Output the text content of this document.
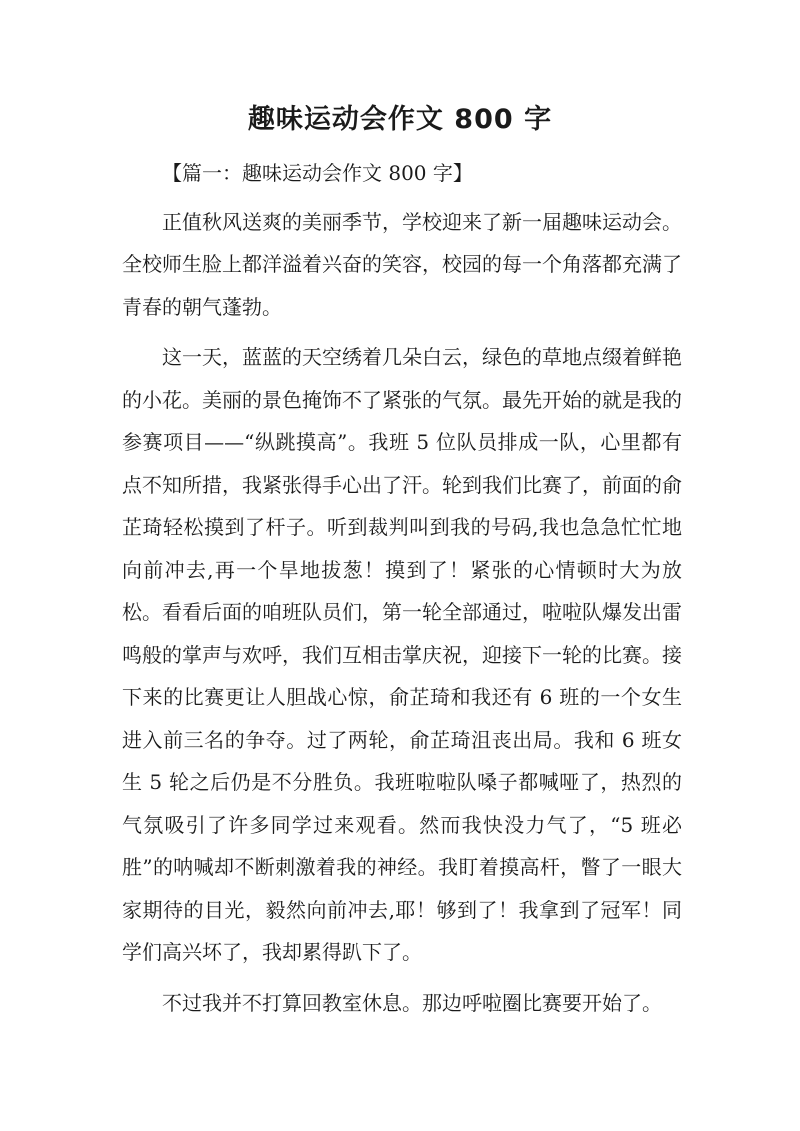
趣味运动会作文 800 字

【篇一：趣味运动会作文 800 字】

正值秋风送爽的美丽季节，学校迎来了新一届趣味运动会。全校师生脸上都洋溢着兴奋的笑容，校园的每一个角落都充满了青春的朝气蓬勃。

这一天，蓝蓝的天空绣着几朵白云，绿色的草地点缀着鲜艳的小花。美丽的景色掩饰不了紧张的气氛。最先开始的就是我的参赛项目——“纵跳摸高”。我班 5 位队员排成一队，心里都有点不知所措，我紧张得手心出了汗。轮到我们比赛了，前面的俞芷琦轻松摸到了杆子。听到裁判叫到我的号码,我也急急忙忙地向前冲去,再一个旱地拔葱！摸到了！紧张的心情顿时大为放松。看看后面的咱班队员们，第一轮全部通过，啦啦队爆发出雷鸣般的掌声与欢呼，我们互相击掌庆祝，迎接下一轮的比赛。接下来的比赛更让人胆战心惊，俞芷琦和我还有 6 班的一个女生进入前三名的争夺。过了两轮，俞芷琦沮丧出局。我和 6 班女生 5 轮之后仍是不分胜负。我班啦啦队嗓子都喊哑了，热烈的气氛吸引了许多同学过来观看。然而我快没力气了，“5 班必胜”的呐喊却不断刺激着我的神经。我盯着摸高杆，瞥了一眼大家期待的目光，毅然向前冲去,耶！够到了！我拿到了冠军！同学们高兴坏了，我却累得趴下了。

不过我并不打算回教室休息。那边呼啦圈比赛要开始了。
